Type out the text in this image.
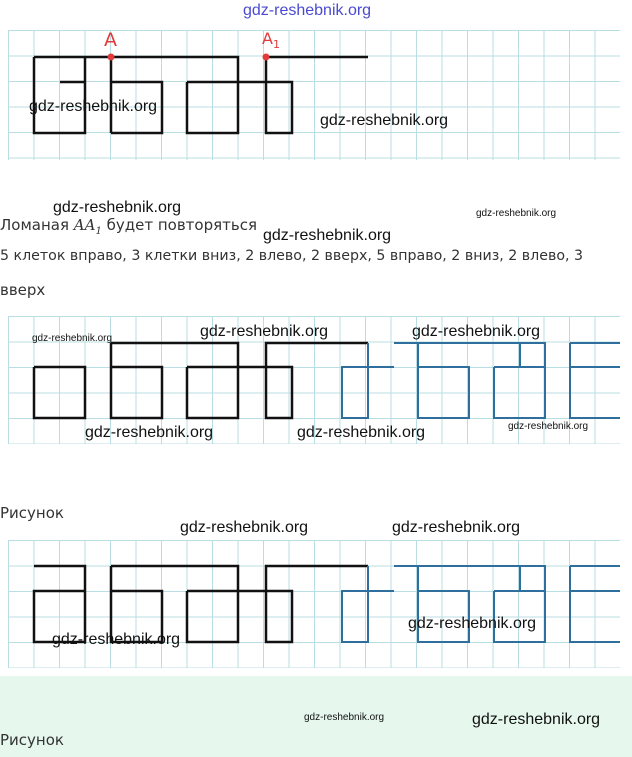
gdz-reshebnik.org
A	$A_1$
gdz-reshebnik.org
gdz-reshebnik.org
gdz-reshebnik.org	gdz-reshebnik.org
Ломаная $AA_1$ будет повторяться
gdz-reshebnik.org
5 клеток вправо, 3 клетки вниз, 2 влево, 2 вверх, 5 вправо, 2 вниз, 2 влево, 3
вверх
gdz-reshebnik.org	gdz-reshebnik.org	gdz-reshebnik.org
gdz-reshebnik.org	gdz-reshebnik.org	gdz-reshebnik.org
Рисунок
gdz-reshebnik.org	gdz-reshebnik.org
gdz-reshebnik.org
gdz-reshebnik.org
gdz-reshebnik.org	gdz-reshebnik.org
Рисунок
